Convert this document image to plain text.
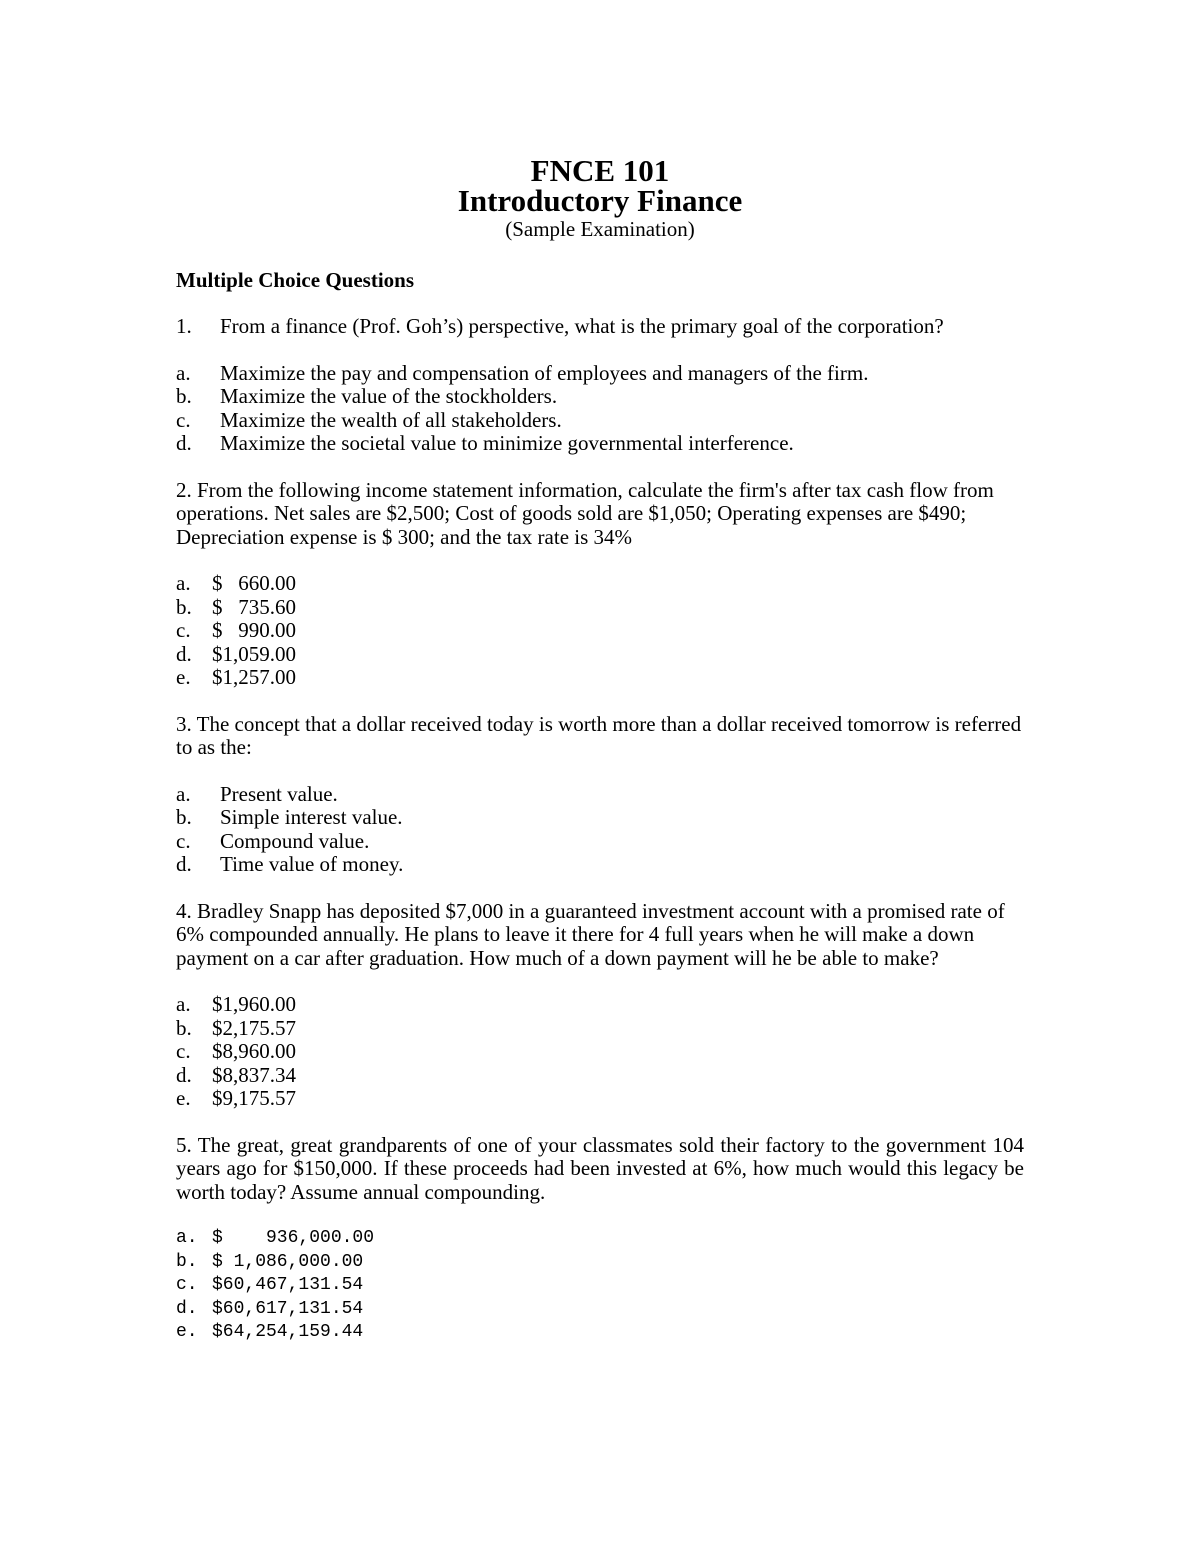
FNCE 101
Introductory Finance
(Sample Examination)
Multiple Choice Questions
1. From a finance (Prof. Goh’s) perspective, what is the primary goal of the corporation?
a.	Maximize the pay and compensation of employees and managers of the firm.
b.	Maximize the value of the stockholders.
c.	Maximize the wealth of all stakeholders.
d.	Maximize the societal value to minimize governmental interference.
2. From the following income statement information, calculate the firm's after tax cash flow from operations. Net sales are $2,500; Cost of goods sold are $1,050; Operating expenses are $490; Depreciation expense is $ 300; and the tax rate is 34%
a.	$   660.00
b. $   735.60
c.	$   990.00
d. $1,059.00
e.	$1,257.00
3. The concept that a dollar received today is worth more than a dollar received tomorrow is referred to as the:
a.	Present value.
b.	Simple interest value.
c.	Compound value.
d.	Time value of money.
4. Bradley Snapp has deposited $7,000 in a guaranteed investment account with a promised rate of 6% compounded annually. He plans to leave it there for 4 full years when he will make a down payment on a car after graduation. How much of a down payment will he be able to make?
a.	$1,960.00
b. $2,175.57
c.	$8,960.00
d. $8,837.34
e.	$9,175.57
5. The great, great grandparents of one of your classmates sold their factory to the government 104 years ago for $150,000. If these proceeds had been invested at 6%, how much would this legacy be worth today? Assume annual compounding.
a. $    936,000.00
b. $ 1,086,000.00
c. $60,467,131.54
d. $60,617,131.54
e. $64,254,159.44
